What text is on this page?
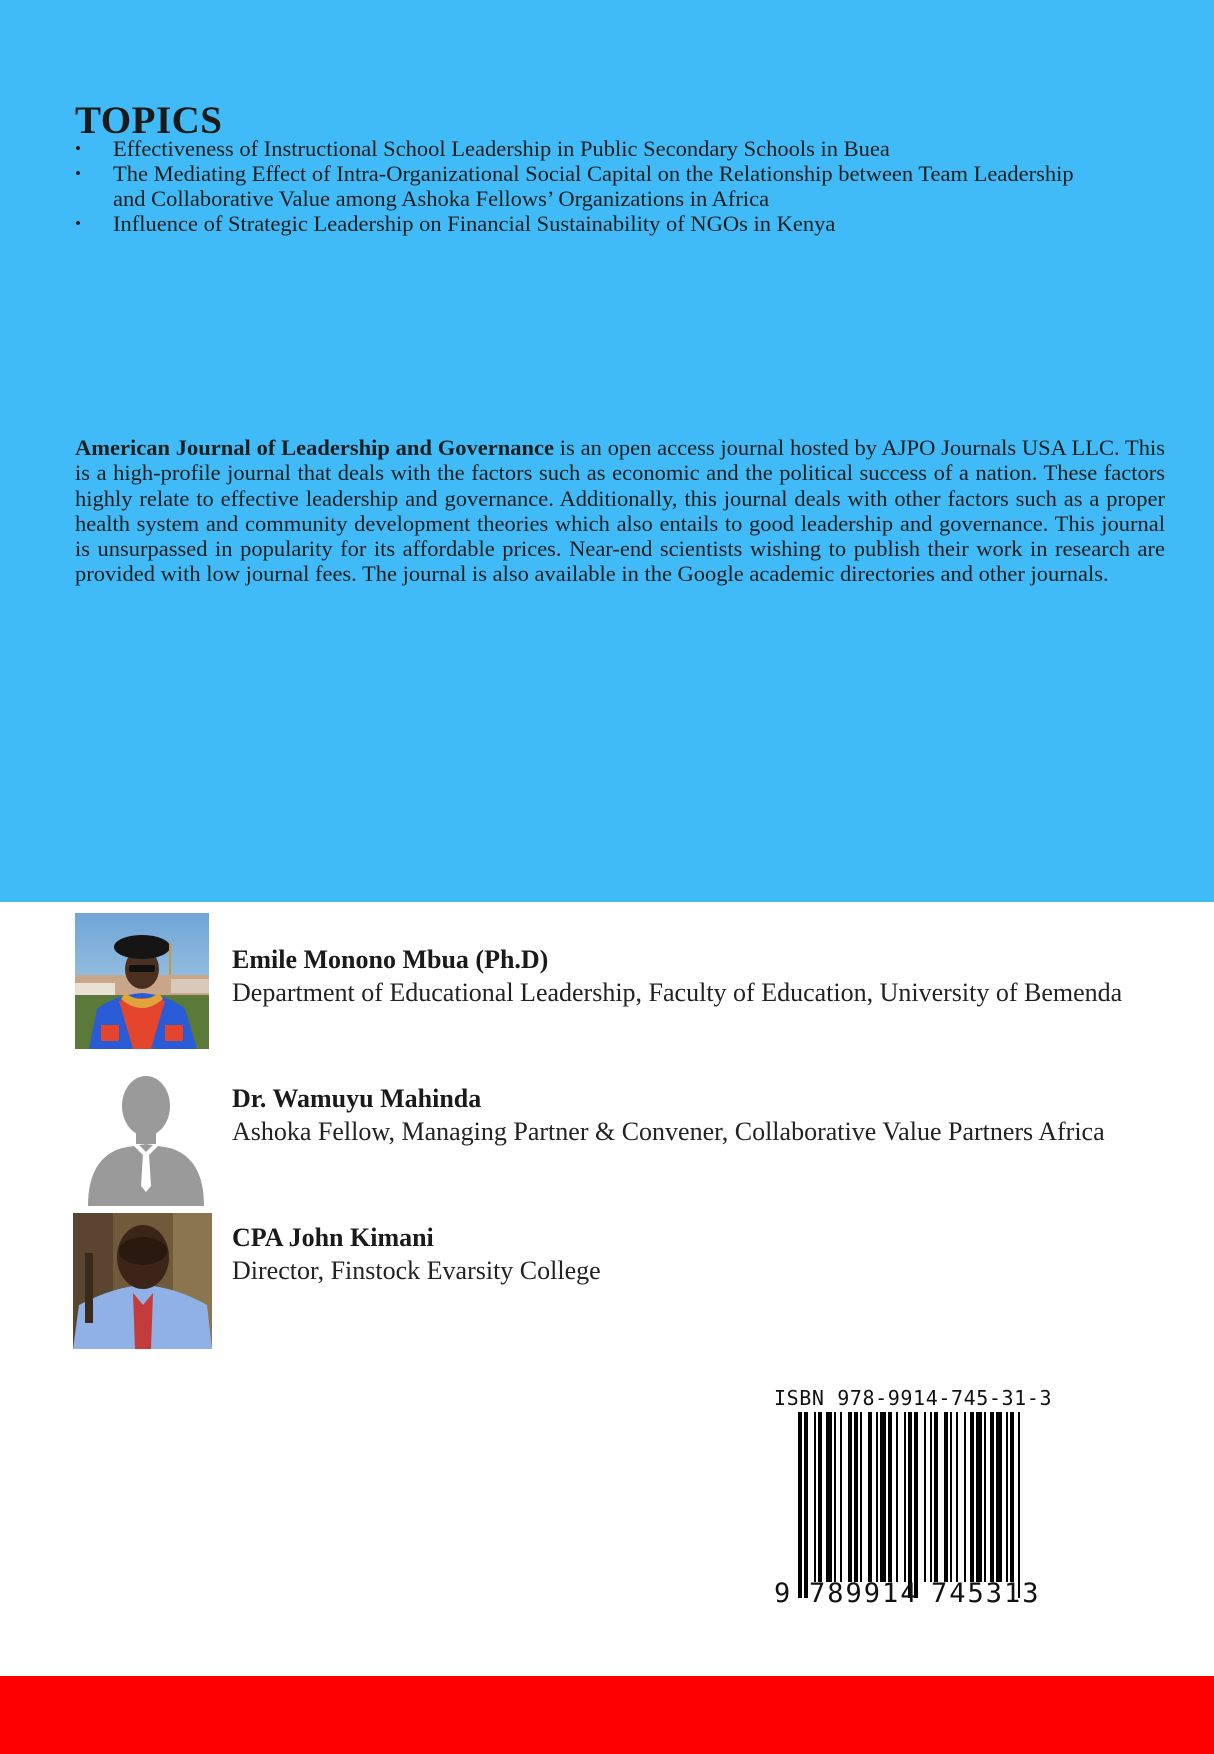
TOPICS
• Effectiveness of Instructional School Leadership in Public Secondary Schools in Buea
• The Mediating Effect of Intra-Organizational Social Capital on the Relationship between Team Leadership and Collaborative Value among Ashoka Fellows’ Organizations in Africa
• Influence of Strategic Leadership on Financial Sustainability of NGOs in Kenya

American Journal of Leadership and Governance is an open access journal hosted by AJPO Journals USA LLC. This is a high-profile journal that deals with the factors such as economic and the political success of a nation. These factors highly relate to effective leadership and governance. Additionally, this journal deals with other factors such as a proper health system and community development theories which also entails to good leadership and governance. This journal is unsurpassed in popularity for its affordable prices. Near-end scientists wishing to publish their work in research are provided with low journal fees. The journal is also available in the Google academic directories and other journals.

Emile Monono Mbua (Ph.D)
Department of Educational Leadership, Faculty of Education, University of Bemenda
Dr. Wamuyu Mahinda
Ashoka Fellow, Managing Partner & Convener, Collaborative Value Partners Africa
CPA John Kimani
Director, Finstock Evarsity College
ISBN 978-9914-745-31-3
9 789914 745313
